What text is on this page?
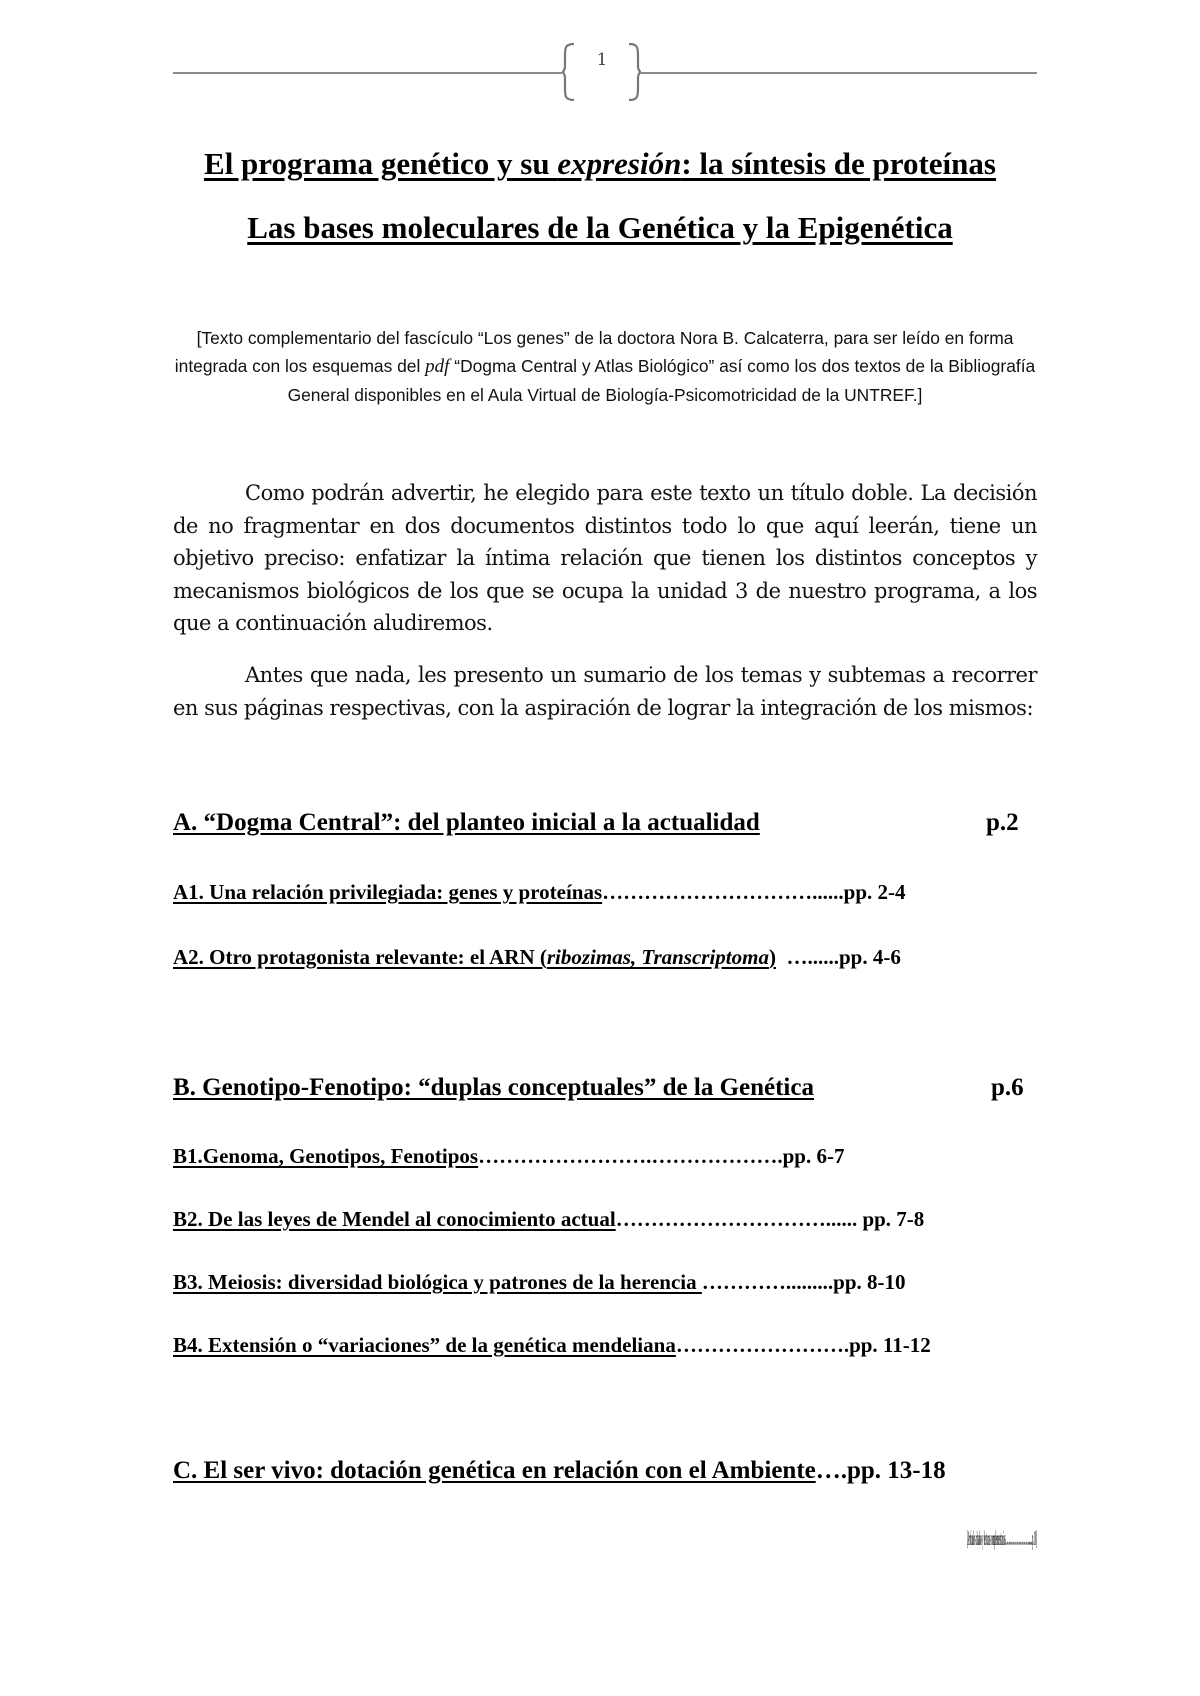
1
El programa genético y su expresión: la síntesis de proteínas
Las bases moleculares de la Genética y la Epigenética
[Texto complementario del fascículo “Los genes” de la doctora Nora B. Calcaterra, para ser leído en forma integrada con los esquemas del pdf “Dogma Central y Atlas Biológico” así como los dos textos de la Bibliografía General disponibles en el Aula Virtual de Biología-Psicomotricidad de la UNTREF.]
Como podrán advertir, he elegido para este texto un título doble. La decisión de no fragmentar en dos documentos distintos todo lo que aquí leerán, tiene un objetivo preciso: enfatizar la íntima relación que tienen los distintos conceptos y mecanismos biológicos de los que se ocupa la unidad 3 de nuestro programa, a los que a continuación aludiremos.
Antes que nada, les presento un sumario de los temas y subtemas a recorrer en sus páginas respectivas, con la aspiración de lograr la integración de los mismos:
A. “Dogma Central”: del planteo inicial a la actualidad	p.2
A1. Una relación privilegiada: genes y proteínas…………………………......pp. 2-4
A2. Otro protagonista relevante: el ARN (ribozimas, Transcriptoma)  …......pp. 4-6
B. Genotipo-Fenotipo: “duplas conceptuales” de la Genética	p.6
B1.Genoma, Genotipos, Fenotipos…………………….……………….pp. 6-7
B2. De las leyes de Mendel al conocimiento actual…………………………...... pp. 7-8
B3. Meiosis: diversidad biológica y patrones de la herencia ………….........pp. 8-10
B4. Extensión o “variaciones” de la genética mendeliana…………………….pp. 11-12
C. El ser vivo: dotación genética en relación con el Ambiente….pp. 13-18
[Artículos citados y lecturas complementarias………………………………......p. 18]
